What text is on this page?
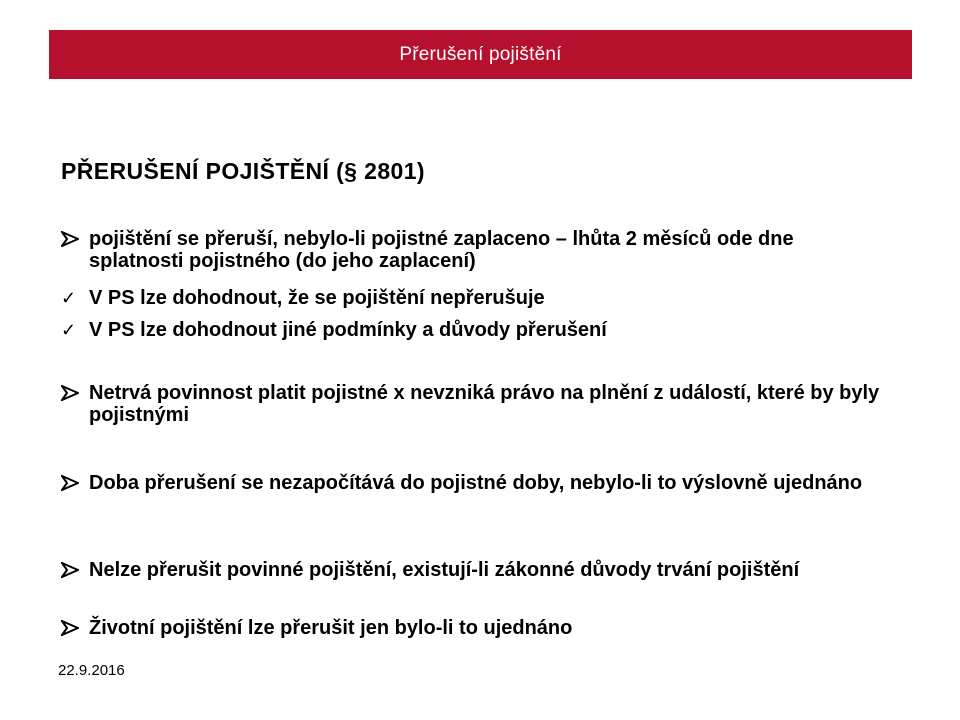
Přerušení pojištění
PŘERUŠENÍ POJIŠTĚNÍ (§ 2801)
pojištění se přeruší, nebylo-li pojistné zaplaceno – lhůta 2 měsíců ode dne splatnosti pojistného (do jeho zaplacení)
✓ V PS lze dohodnout, že se pojištění nepřerušuje
✓ V PS lze dohodnout jiné podmínky a důvody přerušení
Netrvá povinnost platit pojistné x nevzniká právo na plnění z událostí, které by byly pojistnými
Doba přerušení se nezapočítává do pojistné doby, nebylo-li to výslovně ujednáno
Nelze přerušit povinné pojištění, existují-li zákonné důvody trvání pojištění
Životní pojištění lze přerušit jen bylo-li to ujednáno
22.9.2016
